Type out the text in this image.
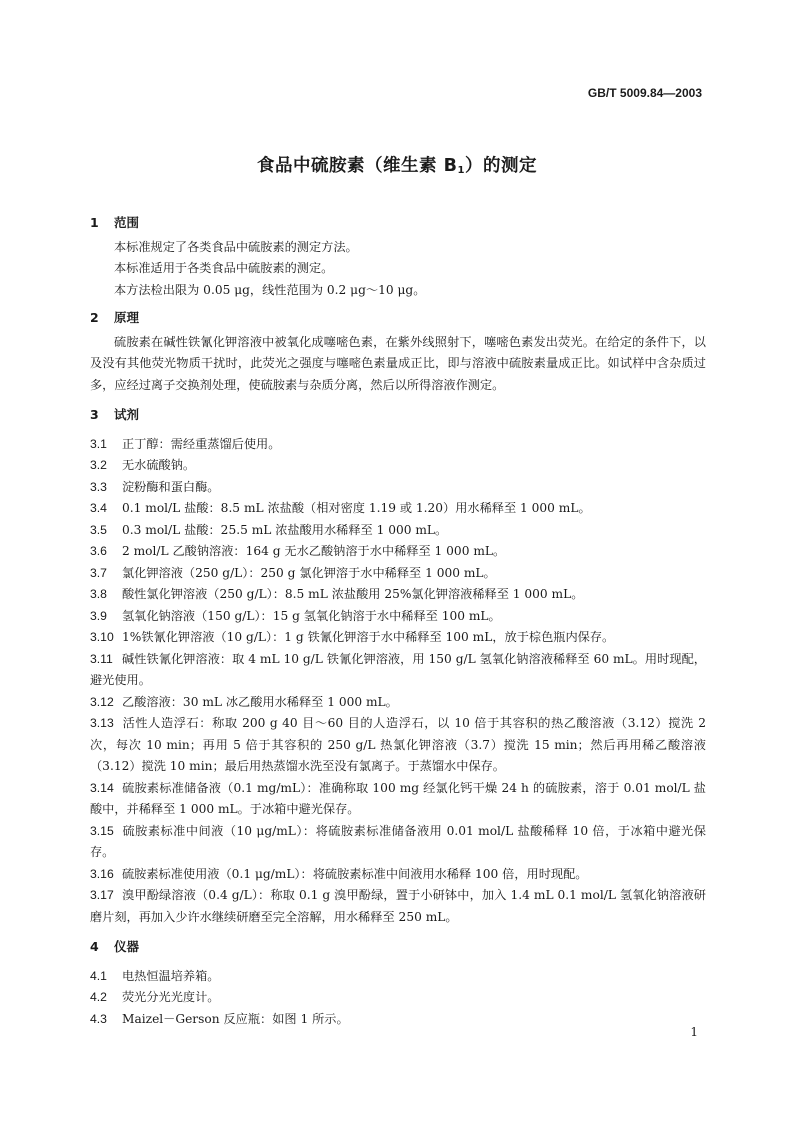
GB/T 5009.84—2003
食品中硫胺素（维生素 $B_1$）的测定
1 范围

本标准规定了各类食品中硫胺素的测定方法。

本标准适用于各类食品中硫胺素的测定。

本方法检出限为 0.05 μg，线性范围为 0.2 μg～10 μg。

2 原理

硫胺素在碱性铁氰化钾溶液中被氧化成噻嘧色素，在紫外线照射下，噻嘧色素发出荧光。在给定的条件下，以及没有其他荧光物质干扰时，此荧光之强度与噻嘧色素量成正比，即与溶液中硫胺素量成正比。如试样中含杂质过多，应经过离子交换剂处理，使硫胺素与杂质分离，然后以所得溶液作测定。

3 试剂

3.1 正丁醇：需经重蒸馏后使用。

3.2 无水硫酸钠。

3.3 淀粉酶和蛋白酶。

3.4 0.1 mol/L 盐酸：8.5 mL 浓盐酸（相对密度 1.19 或 1.20）用水稀释至 1 000 mL。

3.5 0.3 mol/L 盐酸：25.5 mL 浓盐酸用水稀释至 1 000 mL。

3.6 2 mol/L 乙酸钠溶液：164 g 无水乙酸钠溶于水中稀释至 1 000 mL。

3.7 氯化钾溶液（250 g/L）：250 g 氯化钾溶于水中稀释至 1 000 mL。

3.8 酸性氯化钾溶液（250 g/L）：8.5 mL 浓盐酸用 25%氯化钾溶液稀释至 1 000 mL。

3.9 氢氧化钠溶液（150 g/L）：15 g 氢氧化钠溶于水中稀释至 100 mL。

3.10 1%铁氰化钾溶液（10 g/L）：1 g 铁氰化钾溶于水中稀释至 100 mL，放于棕色瓶内保存。

3.11 碱性铁氰化钾溶液：取 4 mL 10 g/L 铁氰化钾溶液，用 150 g/L 氢氧化钠溶液稀释至 60 mL。用时现配，避光使用。

3.12 乙酸溶液：30 mL 冰乙酸用水稀释至 1 000 mL。

3.13 活性人造浮石：称取 200 g 40 目～60 目的人造浮石，以 10 倍于其容积的热乙酸溶液（3.12）搅洗 2 次，每次 10 min；再用 5 倍于其容积的 250 g/L 热氯化钾溶液（3.7）搅洗 15 min；然后再用稀乙酸溶液（3.12）搅洗 10 min；最后用热蒸馏水洗至没有氯离子。于蒸馏水中保存。

3.14 硫胺素标准储备液（0.1 mg/mL）：准确称取 100 mg 经氯化钙干燥 24 h 的硫胺素，溶于 0.01 mol/L 盐酸中，并稀释至 1 000 mL。于冰箱中避光保存。

3.15 硫胺素标准中间液（10 μg/mL）：将硫胺素标准储备液用 0.01 mol/L 盐酸稀释 10 倍，于冰箱中避光保存。

3.16 硫胺素标准使用液（0.1 μg/mL）：将硫胺素标准中间液用水稀释 100 倍，用时现配。

3.17 溴甲酚绿溶液（0.4 g/L）：称取 0.1 g 溴甲酚绿，置于小研钵中，加入 1.4 mL 0.1 mol/L 氢氧化钠溶液研磨片刻，再加入少许水继续研磨至完全溶解，用水稀释至 250 mL。

4 仪器

4.1 电热恒温培养箱。

4.2 荧光分光光度计。

4.3 Maizel－Gerson 反应瓶：如图 1 所示。

1
